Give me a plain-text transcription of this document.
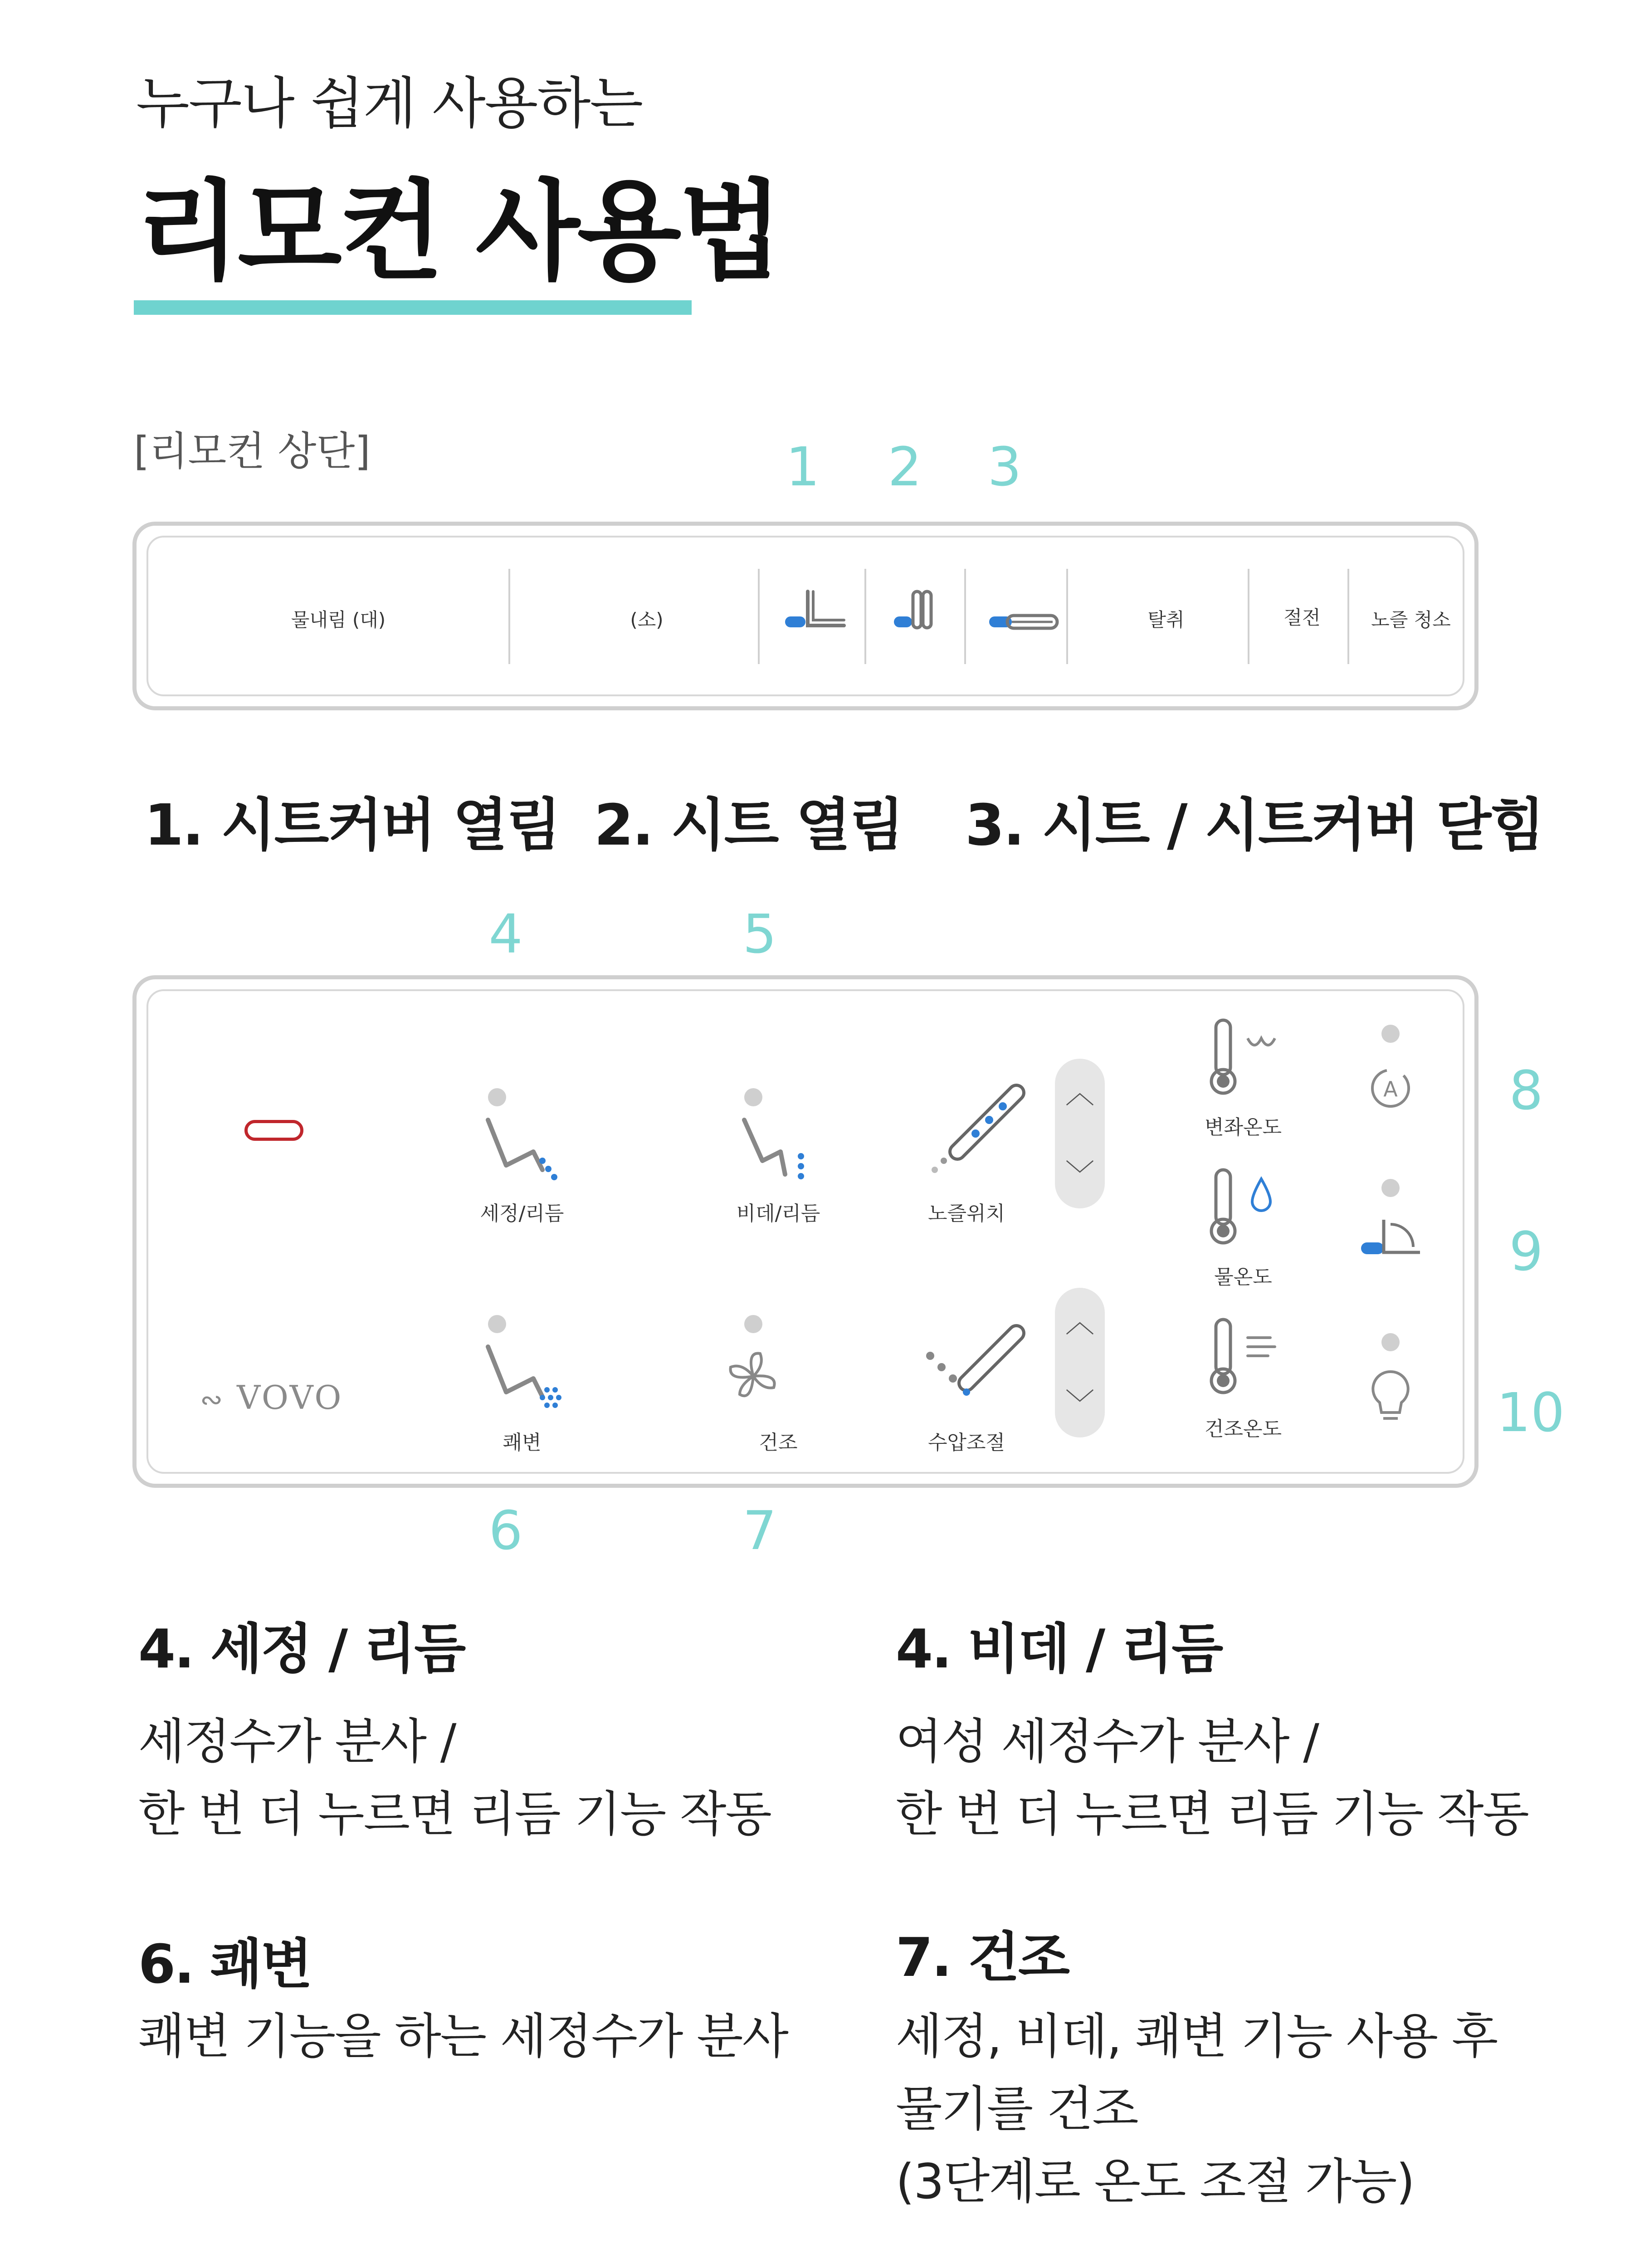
누구나 쉽게 사용하는
리모컨 사용법
[리모컨 상단]	1 2 3
물내림 (대)	(소)	탈취	절전	노즐 청소
1. 시트커버 열림 2. 시트 열림 3. 시트 / 시트커버 닫힘
4	5
6	7
8
9
10
∾ VOVO
세정/리듬	비데/리듬	노즐위치
︿
﹀
변좌온도
물온도
건조온도
A
쾌변	건조	수압조절
︿
﹀
4. 세정 / 리듬
세정수가 분사 /
한 번 더 누르면 리듬 기능 작동
4. 비데 / 리듬
여성 세정수가 분사 /
한 번 더 누르면 리듬 기능 작동
6. 쾌변
쾌변 기능을 하는 세정수가 분사
7. 건조
세정, 비데, 쾌변 기능 사용 후
물기를 건조
(3단계로 온도 조절 가능)
